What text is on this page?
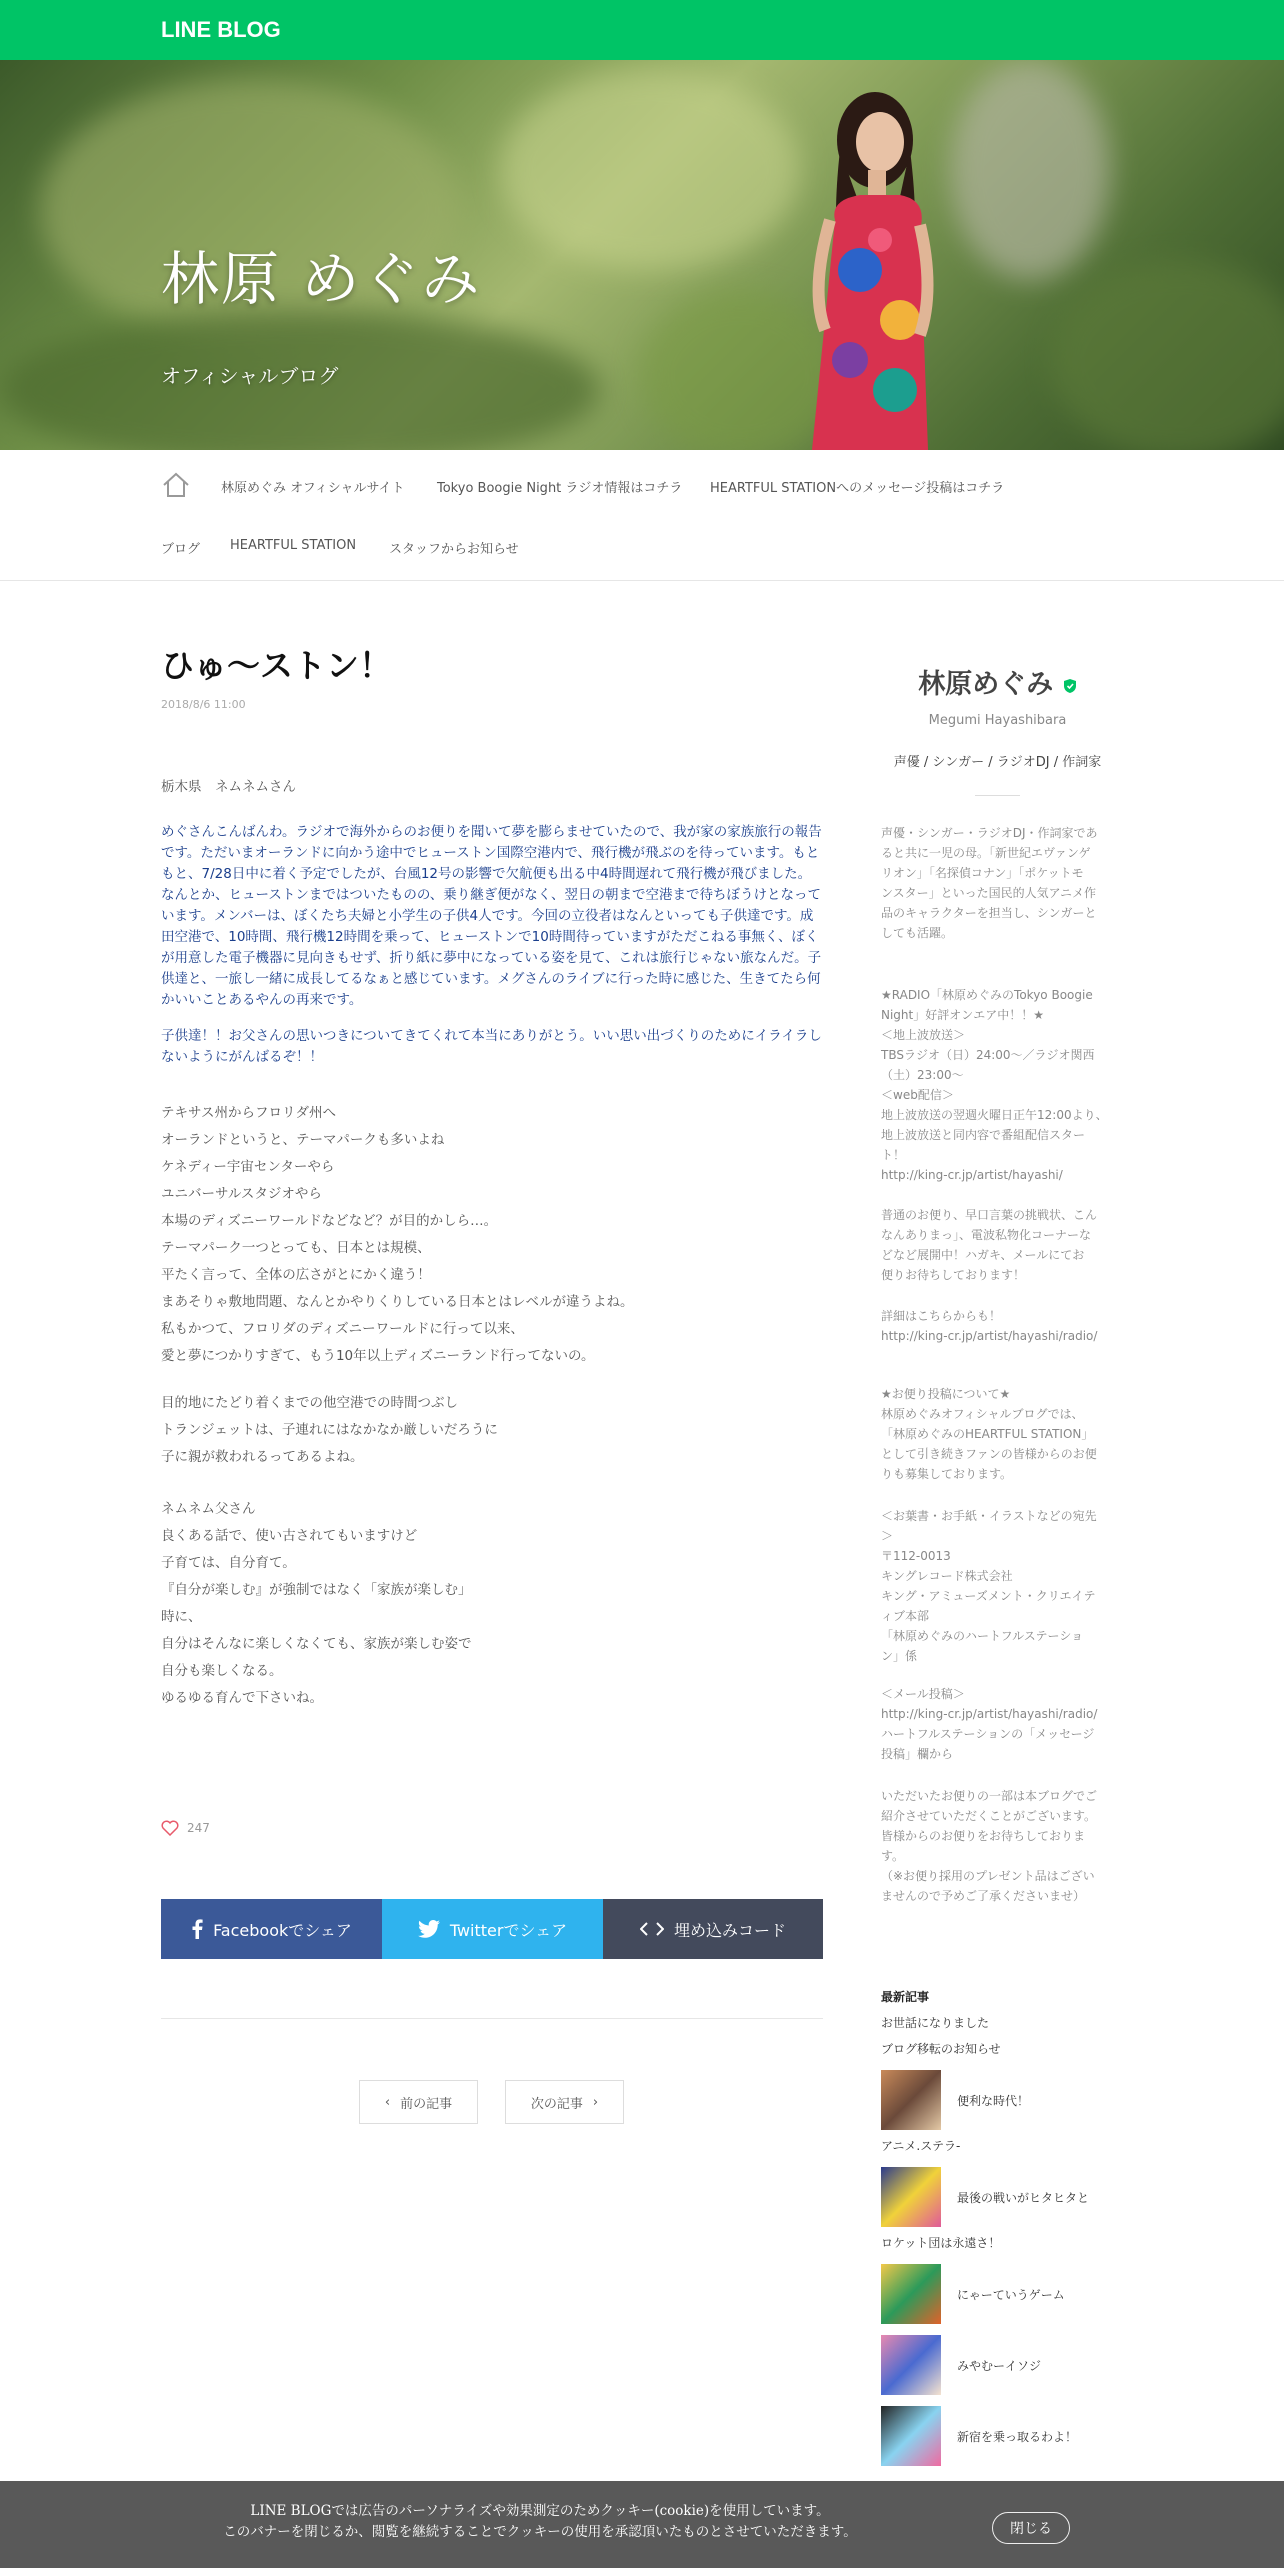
LINE BLOG
林原 めぐみ
オフィシャルブログ
林原めぐみ オフィシャルサイト Tokyo Boogie Night ラジオ情報はコチラ HEARTFUL STATIONへのメッセージ投稿はコチラ
ブログ HEARTFUL STATION	スタッフからお知らせ
ひゅ～ストン！
2018/8/6 11:00
栃木県　ネムネムさん
めぐさんこんばんわ。ラジオで海外からのお便りを聞いて夢を膨らませていたので、我が家の家族旅行の報告です。ただいまオーランドに向かう途中でヒューストン国際空港内で、飛行機が飛ぶのを待っています。もともと、7/28日中に着く予定でしたが、台風12号の影響で欠航便も出る中4時間遅れて飛行機が飛びました。なんとか、ヒューストンまではついたものの、乗り継ぎ便がなく、翌日の朝まで空港まで待ちぼうけとなっています。メンバーは、ぼくたち夫婦と小学生の子供4人です。今回の立役者はなんといっても子供達です。成田空港で、10時間、飛行機12時間を乗って、ヒューストンで10時間待っていますがただこねる事無く、ぼくが用意した電子機器に見向きもせず、折り紙に夢中になっている姿を見て、これは旅行じゃない旅なんだ。子供達と、一旅し一緒に成長してるなぁと感じています。メグさんのライブに行った時に感じた、生きてたら何かいいことあるやんの再来です。
子供達！！お父さんの思いつきについてきてくれて本当にありがとう。いい思い出づくりのためにイライラしないようにがんばるぞ！！
テキサス州からフロリダ州へ
オーランドというと、テーマパークも多いよね
ケネディー宇宙センターやら
ユニバーサルスタジオやら
本場のディズニーワールドなどなど？が目的かしら…。
テーマパーク一つとっても、日本とは規模、
平たく言って、全体の広さがとにかく違う！
まあそりゃ敷地問題、なんとかやりくりしている日本とはレベルが違うよね。
私もかつて、フロリダのディズニーワールドに行って以来、
愛と夢につかりすぎて、もう10年以上ディズニーランド行ってないの。
目的地にたどり着くまでの他空港での時間つぶし
トランジェットは、子連れにはなかなか厳しいだろうに
子に親が救われるってあるよね。
ネムネム父さん
良くある話で、使い古されてもいますけど
子育ては、自分育て。
『自分が楽しむ』が強制ではなく「家族が楽しむ」
時に、
自分はそんなに楽しくなくても、家族が楽しむ姿で
自分も楽しくなる。
ゆるゆる育んで下さいね。
247
Facebookでシェア	Twitterでシェア	埋め込みコード
‹ 前の記事	次の記事 ›
林原めぐみ
Megumi Hayashibara
声優 / シンガー / ラジオDJ / 作詞家
声優・シンガー・ラジオDJ・作詞家であ
ると共に一児の母。「新世紀エヴァンゲ
リオン」「名探偵コナン」「ポケットモ
ンスター」といった国民的人気アニメ作
品のキャラクターを担当し、シンガーと
しても活躍。
★RADIO「林原めぐみのTokyo Boogie
Night」好評オンエア中！！★
＜地上波放送＞
TBSラジオ（日）24:00～／ラジオ関西
（土）23:00～
＜web配信＞
地上波放送の翌週火曜日正午12:00より、
地上波放送と同内容で番組配信スター
ト！
http://king-cr.jp/artist/hayashi/
普通のお便り、早口言葉の挑戦状、こん
なんありまっ」、電波私物化コーナーな
どなど展開中！ハガキ、メールにてお
便りお待ちしております！
詳細はこちらからも！
http://king-cr.jp/artist/hayashi/radio/
★お便り投稿について★
林原めぐみオフィシャルブログでは、
「林原めぐみのHEARTFUL STATION」
として引き続きファンの皆様からのお便
りも募集しております。
＜お葉書・お手紙・イラストなどの宛先
＞
〒112-0013
キングレコード株式会社
キング・アミューズメント・クリエイテ
ィブ本部
「林原めぐみのハートフルステーショ
ン」係
＜メール投稿＞
http://king-cr.jp/artist/hayashi/radio/
ハートフルステーションの「メッセージ
投稿」欄から
いただいたお便りの一部は本ブログでご
紹介させていただくことがございます。
皆様からのお便りをお待ちしておりま
す。
（※お便り採用のプレゼント品はござい
ませんので予めご了承くださいませ）
最新記事
お世話になりました
ブログ移転のお知らせ
便利な時代！
アニメ.ステラ-
最後の戦いがヒタヒタと
ロケット団は永遠さ！
にゃーていうゲーム
みやむーイソジ
新宿を乗っ取るわよ！
LINE BLOGでは広告のパーソナライズや効果測定のためクッキー(cookie)を使用しています。
このバナーを閉じるか、閲覧を継続することでクッキーの使用を承認頂いたものとさせていただきます。	閉じる
